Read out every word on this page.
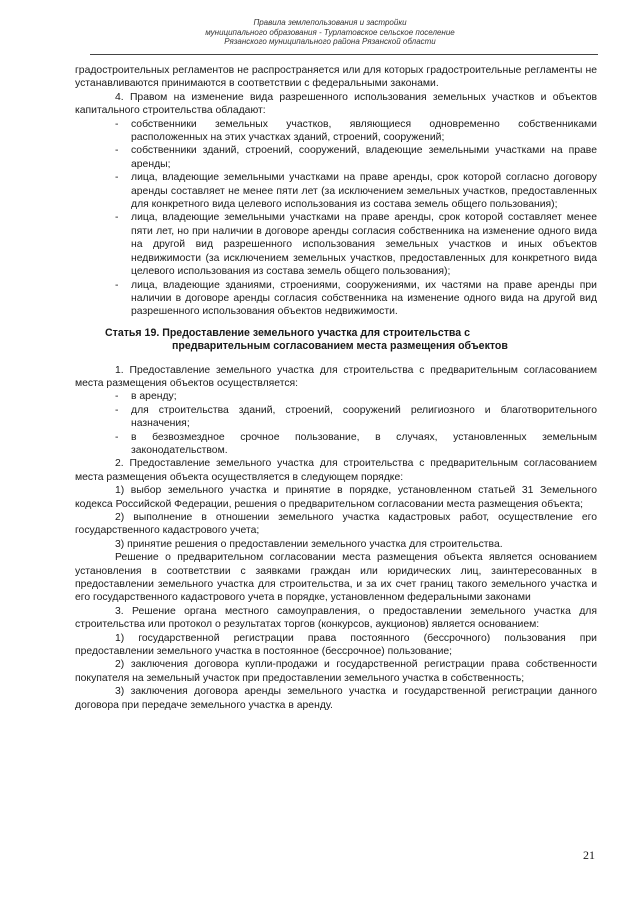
Правила землепользования и застройки
муниципального образования - Турлатовское сельское поселение
Рязанского муниципального района Рязанской области

градостроительных регламентов не распространяется или для которых градостроительные регламенты не устанавливаются принимаются в соответствии с федеральными законами.

4. Правом на изменение вида разрешенного использования земельных участков и объектов капитального строительства обладают:

- собственники земельных участков, являющиеся одновременно собственниками расположенных на этих участках зданий, строений, сооружений;

- собственники зданий, строений, сооружений, владеющие земельными участками на праве аренды;

- лица, владеющие земельными участками на праве аренды, срок которой согласно договору аренды составляет не менее пяти лет (за исключением земельных участков, предоставленных для конкретного вида целевого использования из состава земель общего пользования);

- лица, владеющие земельными участками на праве аренды, срок которой составляет менее пяти лет, но при наличии в договоре аренды согласия собственника на изменение одного вида на другой вид разрешенного использования земельных участков и иных объектов недвижимости (за исключением земельных участков, предоставленных для конкретного вида целевого использования из состава земель общего пользования);

- лица, владеющие зданиями, строениями, сооружениями, их частями на праве аренды при наличии в договоре аренды согласия собственника на изменение одного вида на другой вид разрешенного использования объектов недвижимости.

Статья 19. Предоставление земельного участка для строительства с
предварительным согласованием места размещения объектов

1. Предоставление земельного участка для строительства с предварительным согласованием места размещения объектов осуществляется:

- в аренду;

- для строительства зданий, строений, сооружений религиозного и благотворительного назначения;

- в безвозмездное срочное пользование, в случаях, установленных земельным законодательством.

2. Предоставление земельного участка для строительства с предварительным согласованием места размещения объекта осуществляется в следующем порядке:

1) выбор земельного участка и принятие в порядке, установленном статьей 31 Земельного кодекса Российской Федерации, решения о предварительном согласовании места размещения объекта;

2) выполнение в отношении земельного участка кадастровых работ, осуществление его государственного кадастрового учета;

3) принятие решения о предоставлении земельного участка для строительства.

Решение о предварительном согласовании места размещения объекта является основанием установления в соответствии с заявками граждан или юридических лиц, заинтересованных в предоставлении земельного участка для строительства, и за их счет границ такого земельного участка и его государственного кадастрового учета в порядке, установленном федеральными законами

3. Решение органа местного самоуправления, о предоставлении земельного участка для строительства или протокол о результатах торгов (конкурсов, аукционов) является основанием:

1) государственной регистрации права постоянного (бессрочного) пользования при предоставлении земельного участка в постоянное (бессрочное) пользование;

2) заключения договора купли-продажи и государственной регистрации права собственности покупателя на земельный участок при предоставлении земельного участка в собственность;

3) заключения договора аренды земельного участка и государственной регистрации данного договора при передаче земельного участка в аренду.

21
